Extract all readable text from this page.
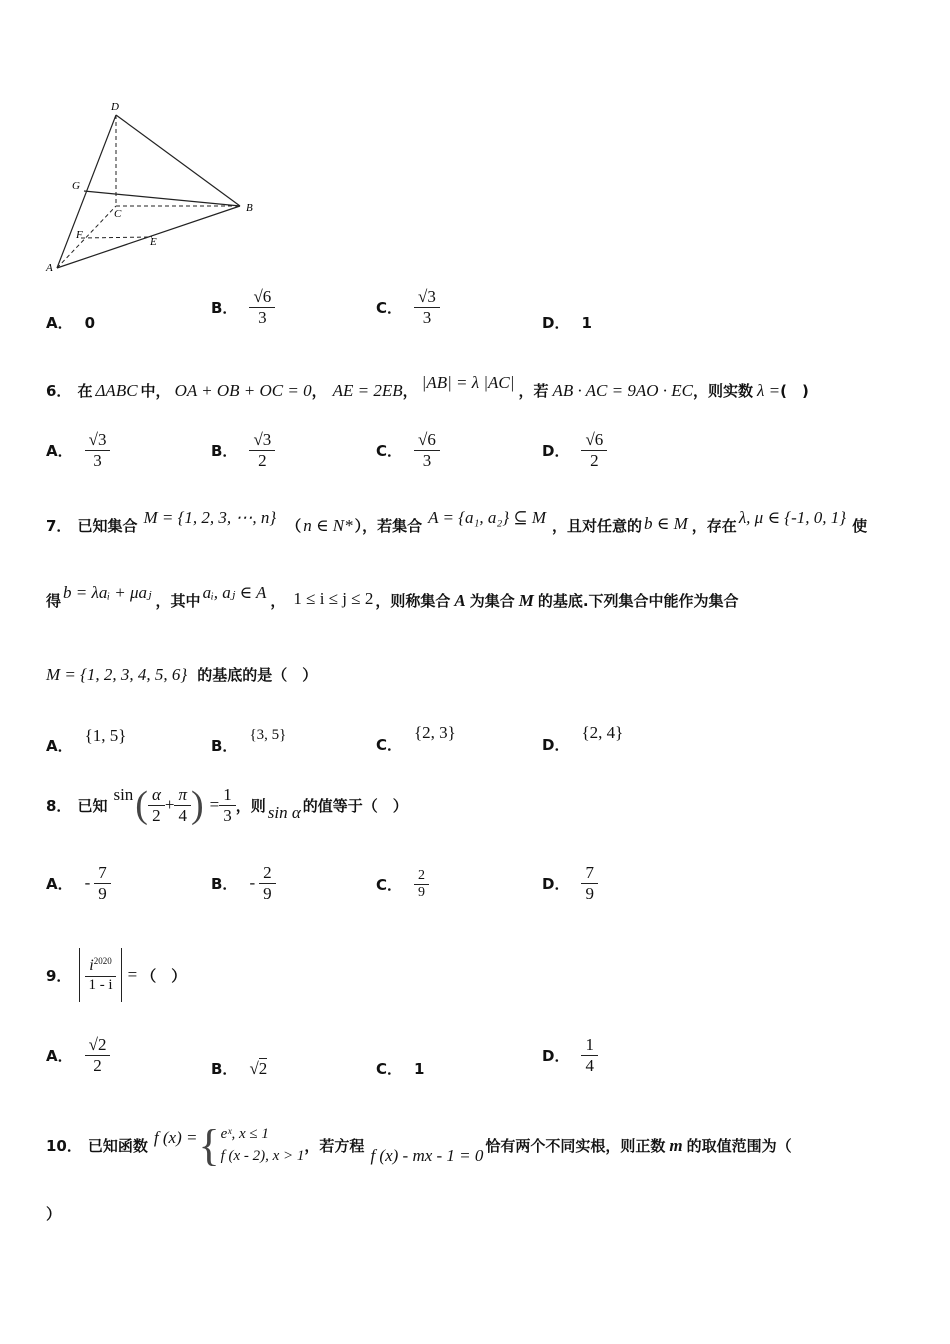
D
G
C	B
F
E
A
A． 0
B． $\frac{√6}{3}$	C． $\frac{√3}{3}$	D． 1
6． 在 ΔABC 中， OA + OB + OC = 0 ， AE = 2EB ， |AB| = λ |AC| ，若 AB · AC = 9AO · EC ，则实数 λ = (　)
A． $\frac{√3}{3}$	B． $\frac{√3}{2}$	C． $\frac{√6}{3}$	D． $\frac{√6}{2}$
7． 已知集合 M = {1, 2, 3, ⋯, n} （ n ∈ N* ），若集合 A = {a₁, a₂} ⊆ M ，且对任意的 b ∈ M ，存在 λ, μ ∈ {-1, 0, 1} 使
得 b = λaᵢ + μaⱼ ，其中 aᵢ, aⱼ ∈ A ， 1 ≤ i ≤ j ≤ 2 ，则称集合 A 为集合 M 的基底.下列集合中能作为集合
M = {1, 2, 3, 4, 5, 6} 的基底的是（　）
A．
{1, 5}
B．
{3, 5}
C．
{2, 3}
D．
{2, 4}
8． 已知
sin ( $\frac{\alpha}{2} + \frac{\pi}{4}$ ) = $\frac{1}{3}$ ，则 sin α 的值等于（　）
A． - $\frac{7}{9}$	B． - $\frac{2}{9}$	C． $\frac{2}{9}$	D． $\frac{7}{9}$
9． $\frac{i^{2020}}{1 - i}$ = （　）
A． $\frac{√2}{2}$	B． √ 2	C． 1
D． $\frac{1}{4}$
10． 已知函数 f (x) = { eˣ, x ≤ 1
f (x - 2), x > 1
，若方程 f (x) - mx - 1 = 0 恰有两个不同实根，则正数 m 的取值范围为（
）
